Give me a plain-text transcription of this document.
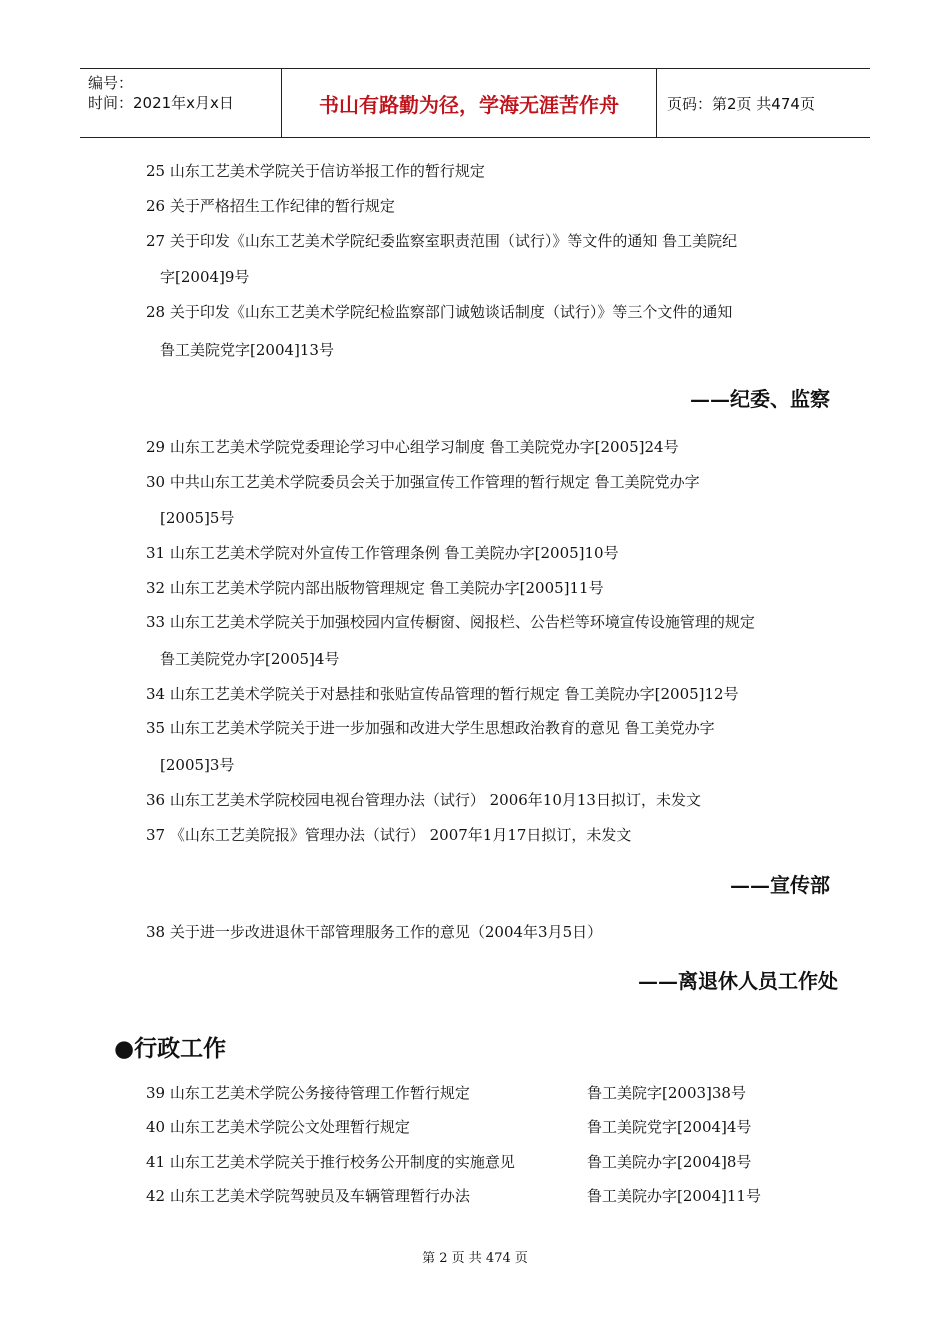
编号：
时间：2021年x月x日	书山有路勤为径，学海无涯苦作舟	页码：第2页 共474页
25 山东工艺美术学院关于信访举报工作的暂行规定
26 关于严格招生工作纪律的暂行规定
27 关于印发《山东工艺美术学院纪委监察室职责范围（试行）》等文件的通知 鲁工美院纪
字[2004]9号
28 关于印发《山东工艺美术学院纪检监察部门诚勉谈话制度（试行）》等三个文件的通知
鲁工美院党字[2004]13号
——纪委、监察
29 山东工艺美术学院党委理论学习中心组学习制度 鲁工美院党办字[2005]24号
30 中共山东工艺美术学院委员会关于加强宣传工作管理的暂行规定 鲁工美院党办字
[2005]5号
31 山东工艺美术学院对外宣传工作管理条例 鲁工美院办字[2005]10号
32 山东工艺美术学院内部出版物管理规定 鲁工美院办字[2005]11号
33 山东工艺美术学院关于加强校园内宣传橱窗、阅报栏、公告栏等环境宣传设施管理的规定
鲁工美院党办字[2005]4号
34 山东工艺美术学院关于对悬挂和张贴宣传品管理的暂行规定 鲁工美院办字[2005]12号
35 山东工艺美术学院关于进一步加强和改进大学生思想政治教育的意见 鲁工美党办字
[2005]3号
36 山东工艺美术学院校园电视台管理办法（试行） 2006年10月13日拟订，未发文
37 《山东工艺美院报》管理办法（试行） 2007年1月17日拟订，未发文
——宣传部
38 关于进一步改进退休干部管理服务工作的意见（2004年3月5日）
——离退休人员工作处
●行政工作
39 山东工艺美术学院公务接待管理工作暂行规定	鲁工美院字[2003]38号
40 山东工艺美术学院公文处理暂行规定	鲁工美院党字[2004]4号
41 山东工艺美术学院关于推行校务公开制度的实施意见	鲁工美院办字[2004]8号
42 山东工艺美术学院驾驶员及车辆管理暂行办法	鲁工美院办字[2004]11号
第 2 页 共 474 页
